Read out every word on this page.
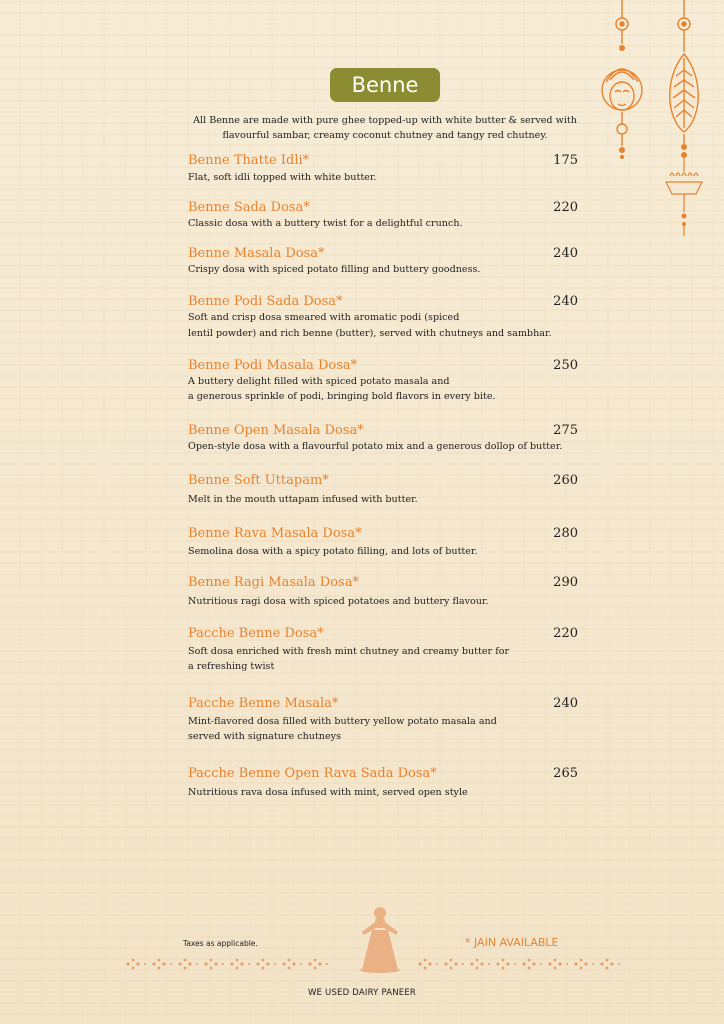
Benne
All Benne are made with pure ghee topped-up with white butter & served with
flavourful sambar, creamy coconut chutney and tangy red chutney.
Benne Thatte Idli*	175
Flat, soft idli topped with white butter.
Benne Sada Dosa*	220
Classic dosa with a buttery twist for a delightful crunch.
Benne Masala Dosa*	240
Crispy dosa with spiced potato filling and buttery goodness.
Benne Podi Sada Dosa*	240
Soft and crisp dosa smeared with aromatic podi (spiced
lentil powder) and rich benne (butter), served with chutneys and sambhar.
Benne Podi Masala Dosa*	250
A buttery delight filled with spiced potato masala and
a generous sprinkle of podi, bringing bold flavors in every bite.
Benne Open Masala Dosa*	275
Open-style dosa with a flavourful potato mix and a generous dollop of butter.
Benne Soft Uttapam*	260
Melt in the mouth uttapam infused with butter.
Benne Rava Masala Dosa*	280
Semolina dosa with a spicy potato filling, and lots of butter.
Benne Ragi Masala Dosa*	290
Nutritious ragi dosa with spiced potatoes and buttery flavour.
Pacche Benne Dosa*	220
Soft dosa enriched with fresh mint chutney and creamy butter for
a refreshing twist
Pacche Benne Masala*	240
Mint-flavored dosa filled with buttery yellow potato masala and
served with signature chutneys
Pacche Benne Open Rava Sada Dosa*	265
Nutritious rava dosa infused with mint, served open style
Taxes as applicable.	* JAIN AVAILABLE
WE USED DAIRY PANEER
